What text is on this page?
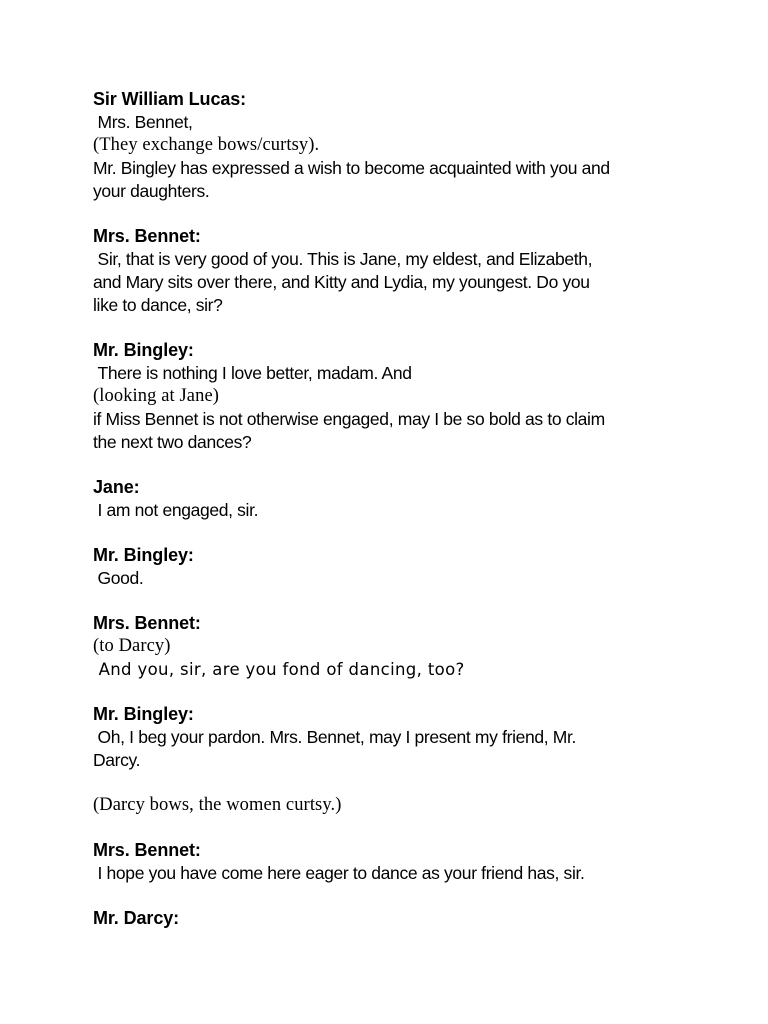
Sir William Lucas:
Mrs. Bennet,
(They exchange bows/curtsy).
Mr. Bingley has expressed a wish to become acquainted with you and
your daughters.
Mrs. Bennet:
Sir, that is very good of you. This is Jane, my eldest, and Elizabeth,
and Mary sits over there, and Kitty and Lydia, my youngest. Do you
like to dance, sir?
Mr. Bingley:
There is nothing I love better, madam. And
(looking at Jane)
if Miss Bennet is not otherwise engaged, may I be so bold as to claim
the next two dances?
Jane:
I am not engaged, sir.
Mr. Bingley:
Good.
Mrs. Bennet:
(to Darcy)
And you, sir, are you fond of dancing, too?
Mr. Bingley:
Oh, I beg your pardon. Mrs. Bennet, may I present my friend, Mr.
Darcy.
(Darcy bows, the women curtsy.)
Mrs. Bennet:
I hope you have come here eager to dance as your friend has, sir.
Mr. Darcy:
